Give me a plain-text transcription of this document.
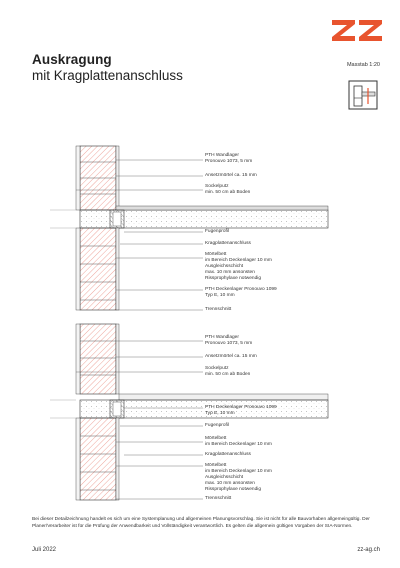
Auskragung
mit Kragplattenanschluss
Masstab 1:20
PTH Wandlager
Pronouvo 1073, 5 mm
Ansetzmörtel ca. 15 mm
Sockelputz
min. 50 cm ab Boden
Fugenprofil
Kragplattenanschluss
Mörtelbett
im Bereich Deckenlager 10 mm
Ausgleichsschicht
max. 10 mm ansonsten
Rissprophylaxe notwendig
PTH Deckenlager Pronouvo 1099
Typ E, 10 mm
Trennschnitt
PTH Wandlager
Pronouvo 1073, 5 mm
Ansetzmörtel ca. 15 mm
Sockelputz
min. 50 cm ab Boden
PTH Deckenlager Pronouvo 1099
Typ E, 10 mm
Fugenprofil
Mörtelbett
im Bereich Deckenlager 10 mm
Kragplattenanschluss
Mörtelbett
im Bereich Deckenlager 10 mm
Ausgleichsschicht
max. 10 mm ansonsten
Rissprophylaxe notwendig
Trennschnitt
Bei dieser Detailzeichnung handelt es sich um eine Systemplanung und allgemeinen Planungsvorschlag. Sie ist nicht für alle Bauvorhaben allgemeingültig. Der Planer/Verarbeiter ist für die Prüfung der Anwendbarkeit und Vollständigkeit verantwortlich. Es gelten die allgemein gültigen Vorgaben der SIA-Normen.
Juli 2022	zz-ag.ch
